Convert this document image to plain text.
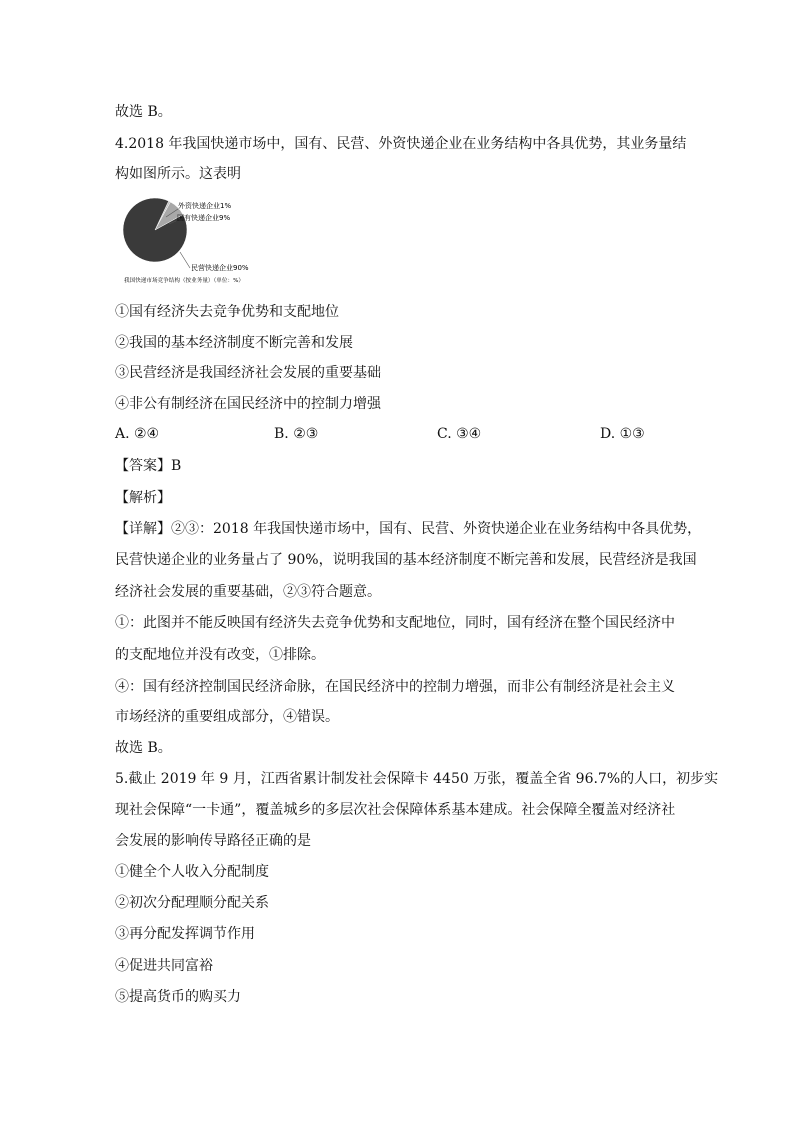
故选 B。
4.2018 年我国快递市场中，国有、民营、外资快递企业在业务结构中各具优势，其业务量结
构如图所示。这表明
外资快递企业1%
国有快递企业9%
民营快递企业90%
我国快递市场竞争结构（按业务量）（单位：%）
①国有经济失去竞争优势和支配地位
②我国的基本经济制度不断完善和发展
③民营经济是我国经济社会发展的重要基础
④非公有制经济在国民经济中的控制力增强
A. ②④	B. ②③	C. ③④	D. ①③
【答案】B
【解析】
【详解】②③：2018 年我国快递市场中，国有、民营、外资快递企业在业务结构中各具优势，
民营快递企业的业务量占了 90%，说明我国的基本经济制度不断完善和发展，民营经济是我国
经济社会发展的重要基础，②③符合题意。
①：此图并不能反映国有经济失去竞争优势和支配地位，同时，国有经济在整个国民经济中
的支配地位并没有改变，①排除。
④：国有经济控制国民经济命脉，在国民经济中的控制力增强，而非公有制经济是社会主义
市场经济的重要组成部分，④错误。
故选 B。
5.截止 2019 年 9 月，江西省累计制发社会保障卡 4450 万张，覆盖全省 96.7%的人口，初步实
现社会保障“一卡通”，覆盖城乡的多层次社会保障体系基本建成。社会保障全覆盖对经济社
会发展的影响传导路径正确的是
①健全个人收入分配制度
②初次分配理顺分配关系
③再分配发挥调节作用
④促进共同富裕
⑤提高货币的购买力
